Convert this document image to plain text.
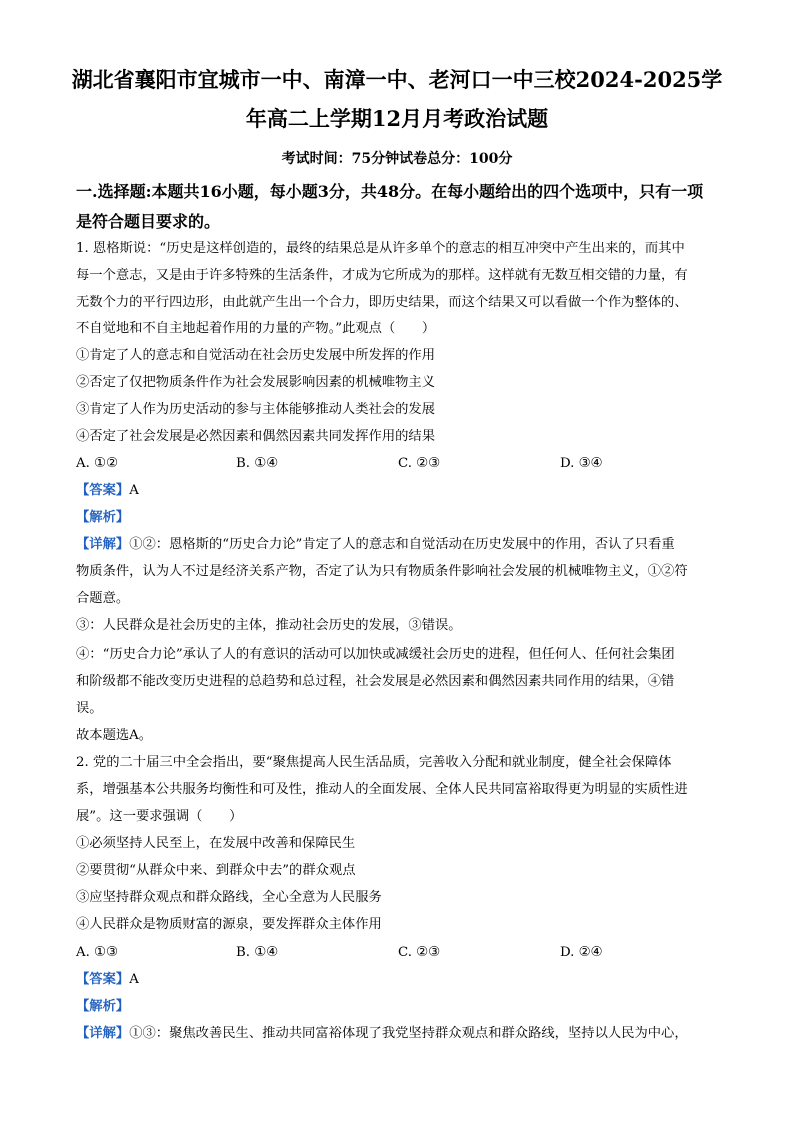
湖北省襄阳市宜城市一中、南漳一中、老河口一中三校2024-2025学
年高二上学期12月月考政治试题
考试时间：75分钟试卷总分：100分
一.选择题:本题共16小题，每小题3分，共48分。在每小题给出的四个选项中，只有一项
是符合题目要求的。
1. 恩格斯说：“历史是这样创造的，最终的结果总是从许多单个的意志的相互冲突中产生出来的，而其中
每一个意志，又是由于许多特殊的生活条件，才成为它所成为的那样。这样就有无数互相交错的力量，有
无数个力的平行四边形，由此就产生出一个合力，即历史结果，而这个结果又可以看做一个作为整体的、
不自觉地和不自主地起着作用的力量的产物。”此观点（　　）
①肯定了人的意志和自觉活动在社会历史发展中所发挥的作用
②否定了仅把物质条件作为社会发展影响因素的机械唯物主义
③肯定了人作为历史活动的参与主体能够推动人类社会的发展
④否定了社会发展是必然因素和偶然因素共同发挥作用的结果
A. ①②	B. ①④	C. ②③	D. ③④
【答案】A
【解析】
【详解】①②：恩格斯的“历史合力论”肯定了人的意志和自觉活动在历史发展中的作用，否认了只看重
物质条件，认为人不过是经济关系产物，否定了认为只有物质条件影响社会发展的机械唯物主义，①②符
合题意。
③：人民群众是社会历史的主体，推动社会历史的发展，③错误。
④：“历史合力论”承认了人的有意识的活动可以加快或减缓社会历史的进程，但任何人、任何社会集团
和阶级都不能改变历史进程的总趋势和总过程，社会发展是必然因素和偶然因素共同作用的结果，④错
误。
故本题选A。
2. 党的二十届三中全会指出，要“聚焦提高人民生活品质，完善收入分配和就业制度，健全社会保障体
系，增强基本公共服务均衡性和可及性，推动人的全面发展、全体人民共同富裕取得更为明显的实质性进
展”。这一要求强调（　　）
①必须坚持人民至上，在发展中改善和保障民生
②要贯彻“从群众中来、到群众中去”的群众观点
③应坚持群众观点和群众路线，全心全意为人民服务
④人民群众是物质财富的源泉，要发挥群众主体作用
A. ①③	B. ①④	C. ②③	D. ②④
【答案】A
【解析】
【详解】①③：聚焦改善民生、推动共同富裕体现了我党坚持群众观点和群众路线，坚持以人民为中心，
